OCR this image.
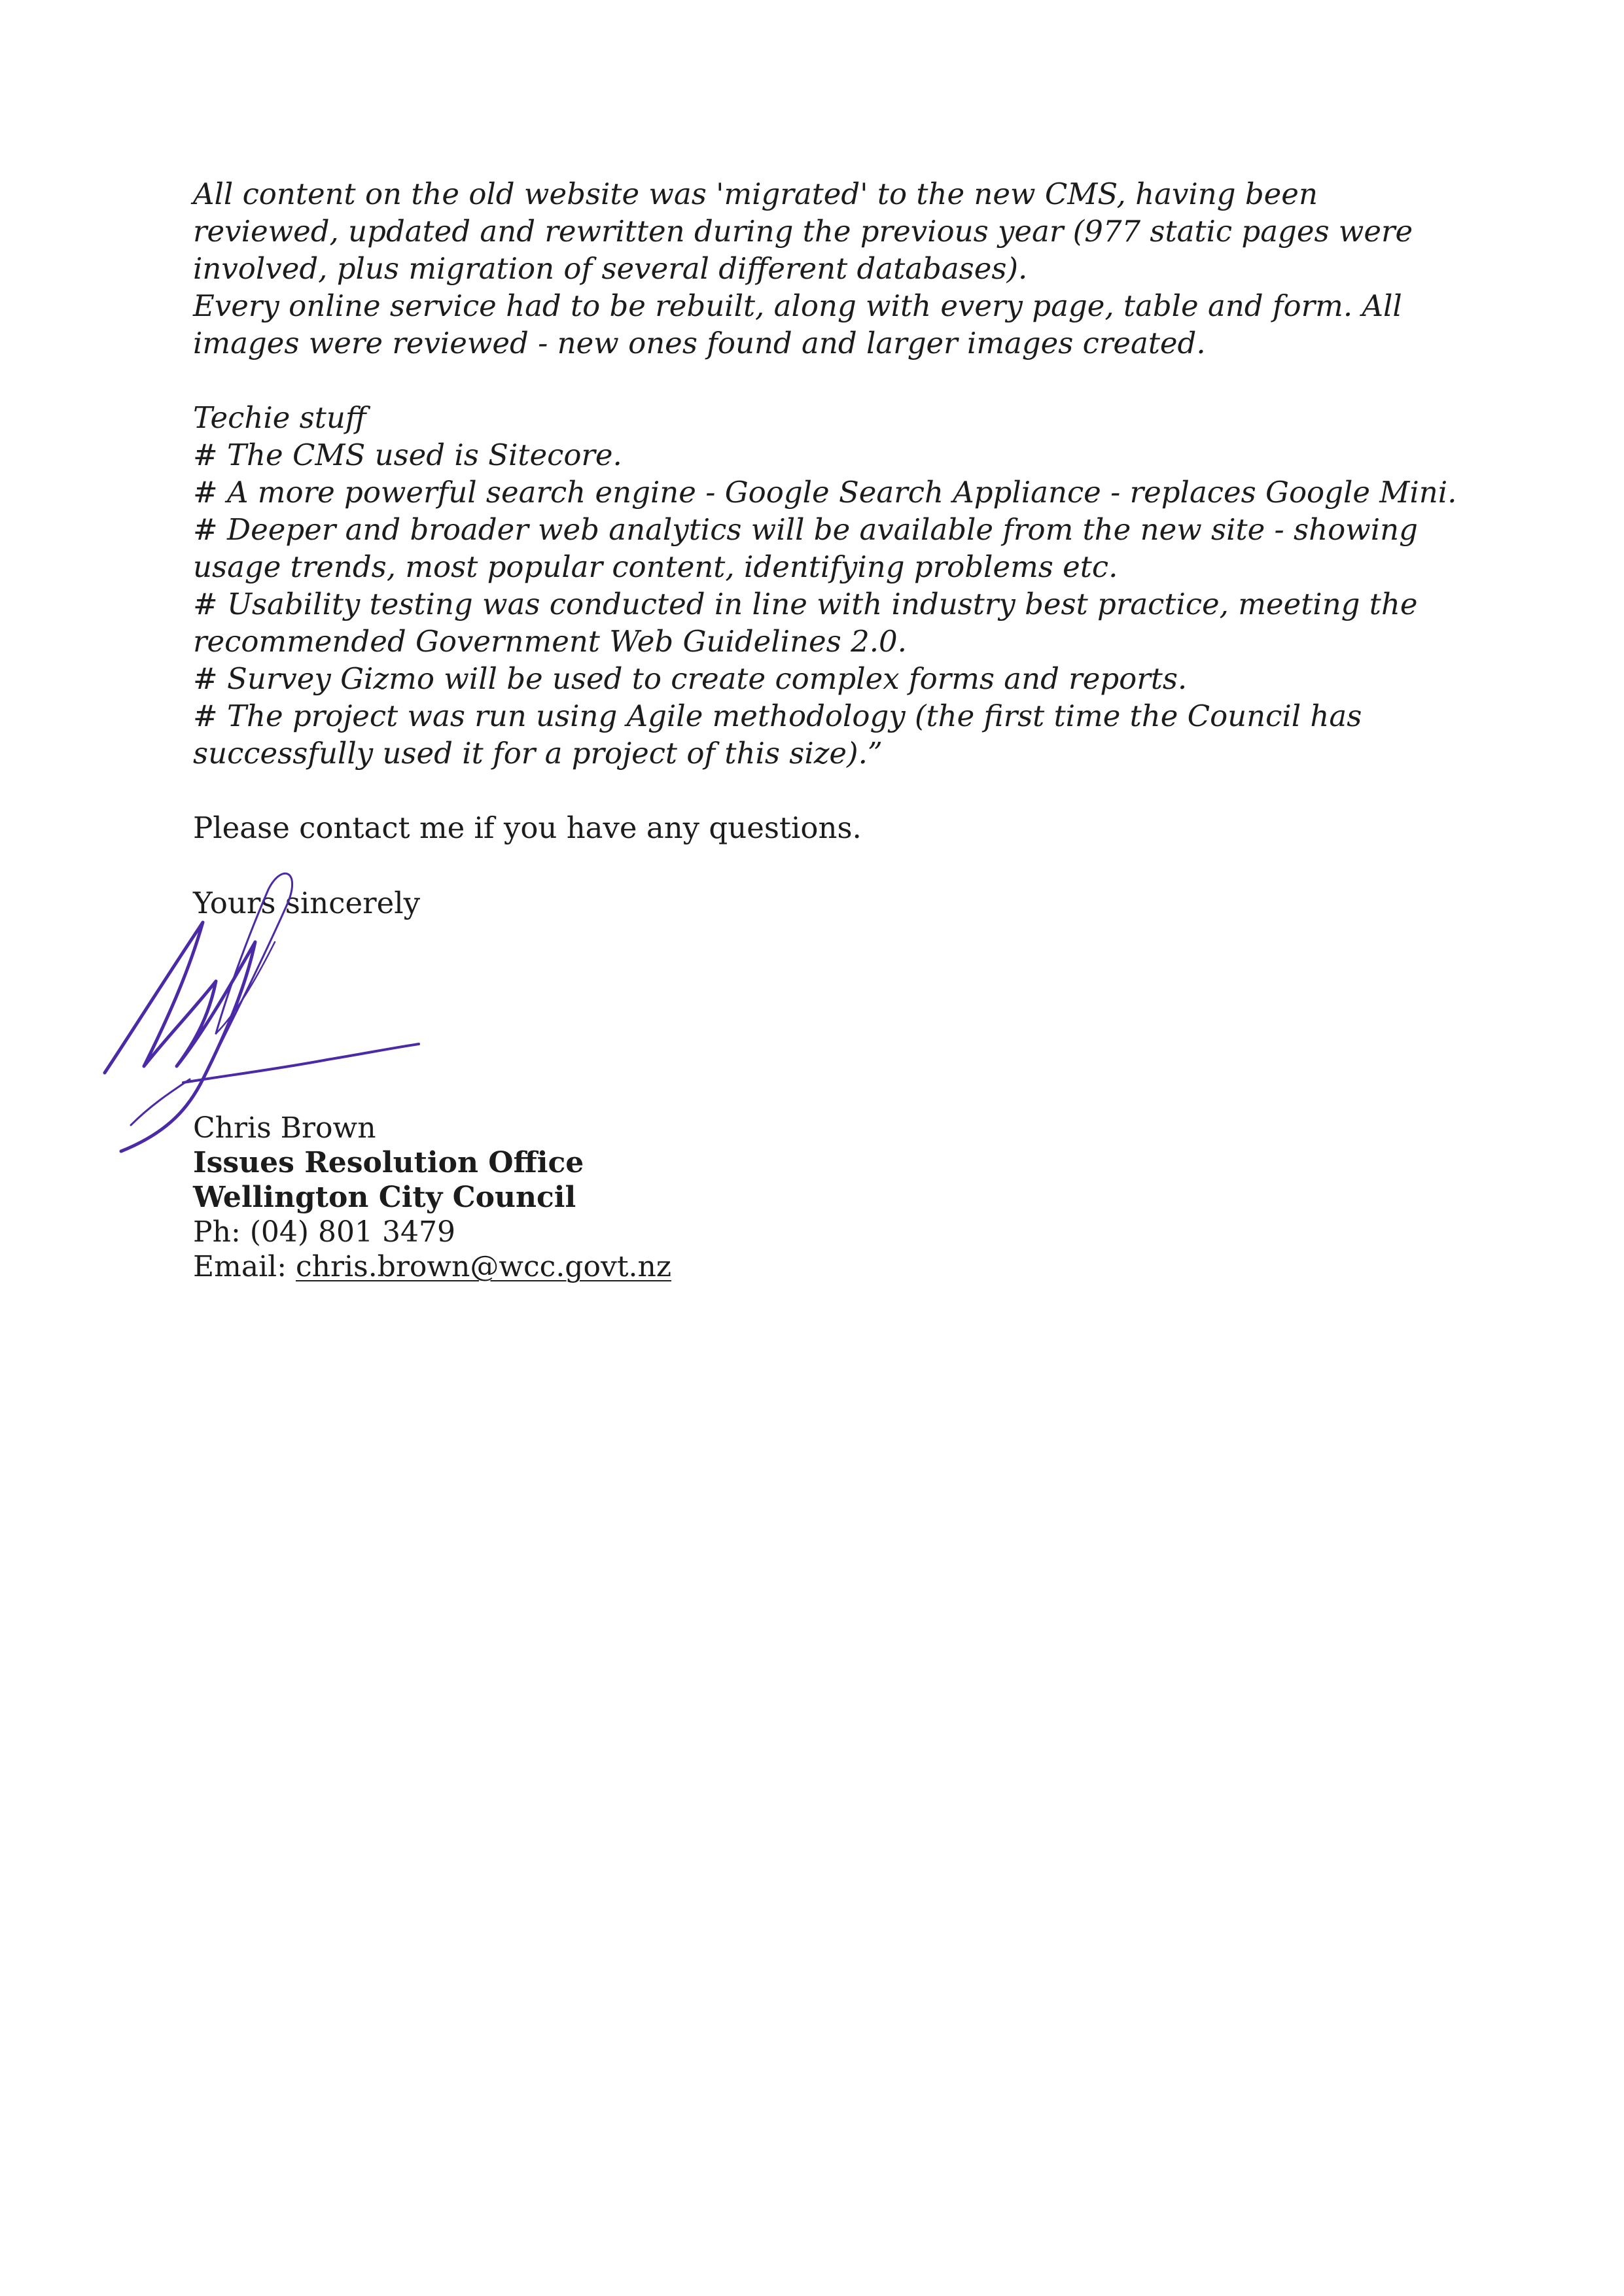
All content on the old website was 'migrated' to the new CMS, having been

reviewed, updated and rewritten during the previous year (977 static pages were

involved, plus migration of several different databases).

Every online service had to be rebuilt, along with every page, table and form. All

images were reviewed - new ones found and larger images created.

Techie stuff

# The CMS used is Sitecore.

# A more powerful search engine - Google Search Appliance - replaces Google Mini.

# Deeper and broader web analytics will be available from the new site - showing

usage trends, most popular content, identifying problems etc.

# Usability testing was conducted in line with industry best practice, meeting the

recommended Government Web Guidelines 2.0.

# Survey Gizmo will be used to create complex forms and reports.

# The project was run using Agile methodology (the first time the Council has

successfully used it for a project of this size).”

Please contact me if you have any questions.

Yours sincerely

Chris Brown
Issues Resolution Office
Wellington City Council
Ph: (04) 801 3479
Email: chris.brown@wcc.govt.nz
